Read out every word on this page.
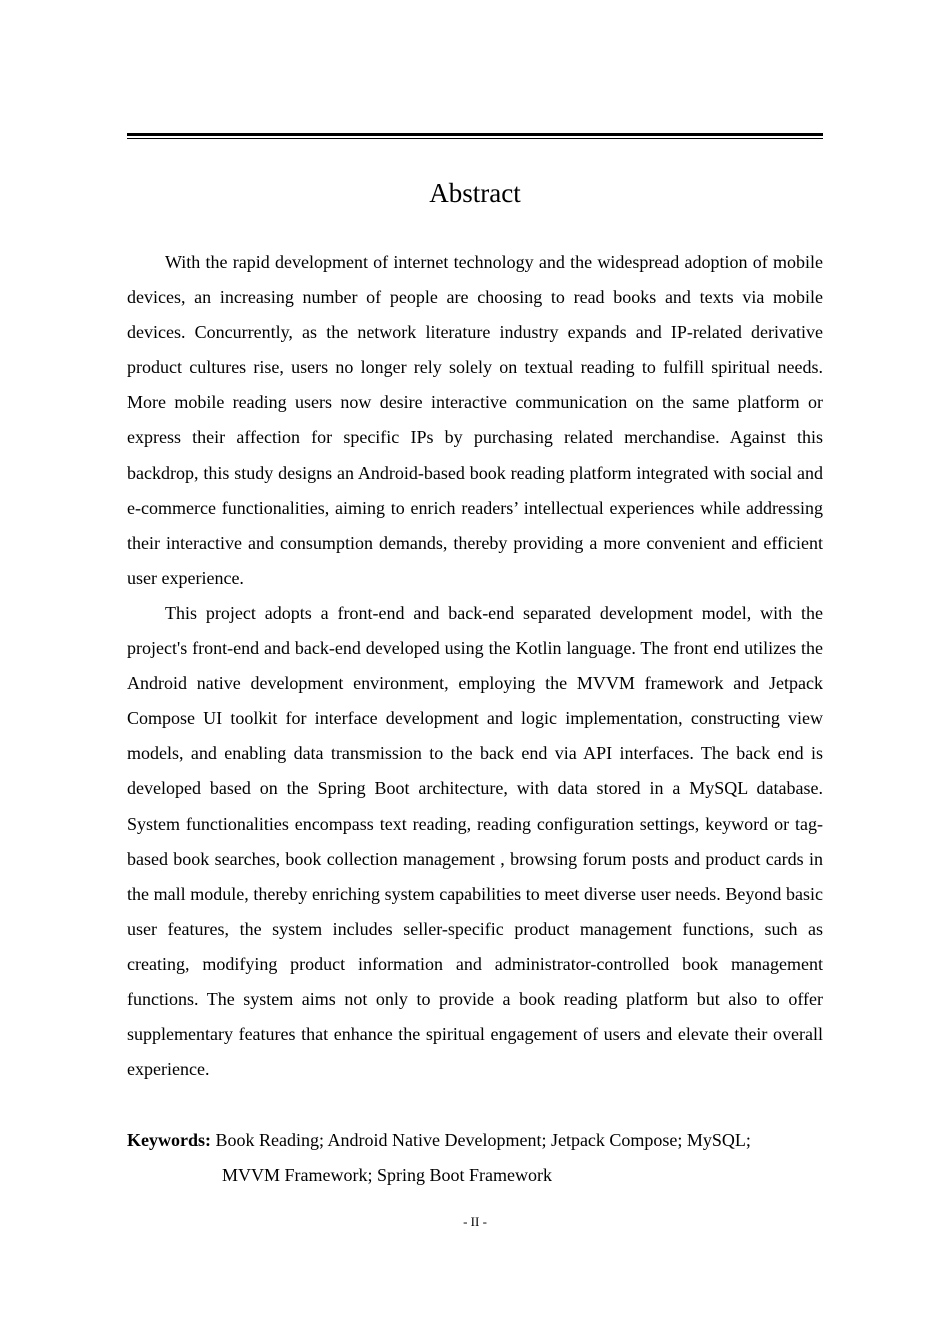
Abstract

With the rapid development of internet technology and the widespread adoption of mobile devices, an increasing number of people are choosing to read books and texts via mobile devices. Concurrently, as the network literature industry expands and IP-related derivative product cultures rise, users no longer rely solely on textual reading to fulfill spiritual needs. More mobile reading users now desire interactive communication on the same platform or express their affection for specific IPs by purchasing related merchandise. Against this backdrop, this study designs an Android-based book reading platform integrated with social and e-commerce functionalities, aiming to enrich readers’ intellectual experiences while addressing their interactive and consumption demands, thereby providing a more convenient and efficient user experience.

This project adopts a front-end and back-end separated development model, with the project's front-end and back-end developed using the Kotlin language. The front end utilizes the Android native development environment, employing the MVVM framework and Jetpack Compose UI toolkit for interface development and logic implementation, constructing view models, and enabling data transmission to the back end via API interfaces. The back end is developed based on the Spring Boot architecture, with data stored in a MySQL database. System functionalities encompass text reading, reading configuration settings, keyword or tag-based book searches, book collection management , browsing forum posts and product cards in the mall module, thereby enriching system capabilities to meet diverse user needs. Beyond basic user features, the system includes seller-specific product management functions, such as creating, modifying product information and administrator-controlled book management functions. The system aims not only to provide a book reading platform but also to offer supplementary features that enhance the spiritual engagement of users and elevate their overall experience.

Keywords: Book Reading; Android Native Development; Jetpack Compose; MySQL;
MVVM Framework; Spring Boot Framework
- II -
